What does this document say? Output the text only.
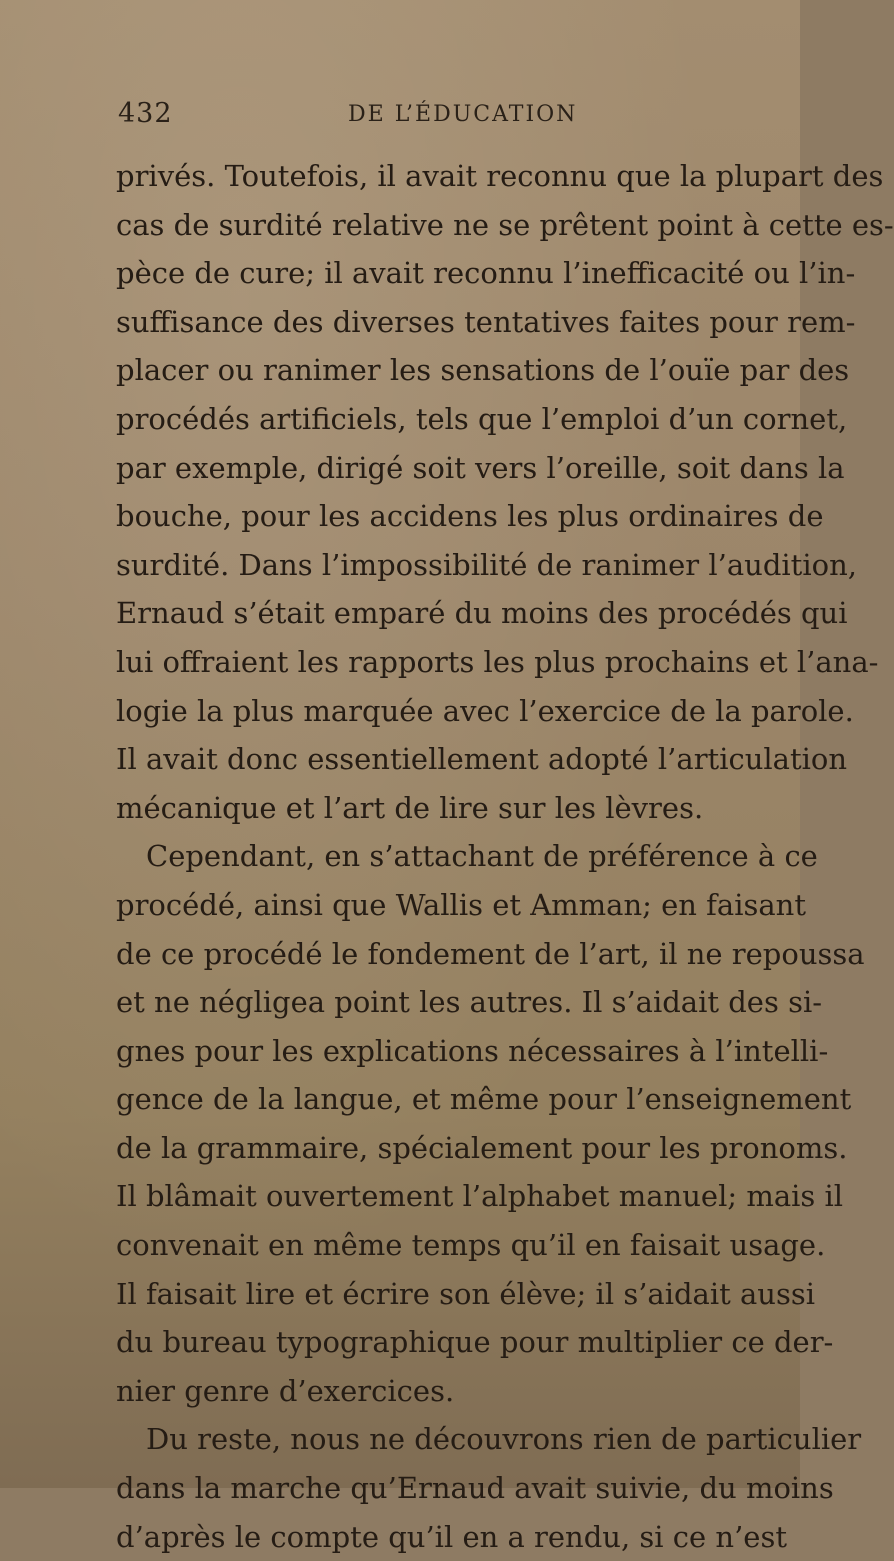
432	DE L’ÉDUCATION
privés. Toutefois, il avait reconnu que la plupart des
cas de surdité relative ne se prêtent point à cette es-
pèce de cure; il avait reconnu l’inefficacité ou l’in-
suffisance des diverses tentatives faites pour rem-
placer ou ranimer les sensations de l’ouïe par des
procédés artificiels, tels que l’emploi d’un cornet,
par exemple, dirigé soit vers l’oreille, soit dans la
bouche, pour les accidens les plus ordinaires de
surdité. Dans l’impossibilité de ranimer l’audition,
Ernaud s’était emparé du moins des procédés qui
lui offraient les rapports les plus prochains et l’ana-
logie la plus marquée avec l’exercice de la parole.
Il avait donc essentiellement adopté l’articulation
mécanique et l’art de lire sur les lèvres.
Cependant, en s’attachant de préférence à ce
procédé, ainsi que Wallis et Amman; en faisant
de ce procédé le fondement de l’art, il ne repoussa
et ne négligea point les autres. Il s’aidait des si-
gnes pour les explications nécessaires à l’intelli-
gence de la langue, et même pour l’enseignement
de la grammaire, spécialement pour les pronoms.
Il blâmait ouvertement l’alphabet manuel; mais il
convenait en même temps qu’il en faisait usage.
Il faisait lire et écrire son élève; il s’aidait aussi
du bureau typographique pour multiplier ce der-
nier genre d’exercices.
Du reste, nous ne découvrons rien de particulier
dans la marche qu’Ernaud avait suivie, du moins
d’après le compte qu’il en a rendu, si ce n’est
